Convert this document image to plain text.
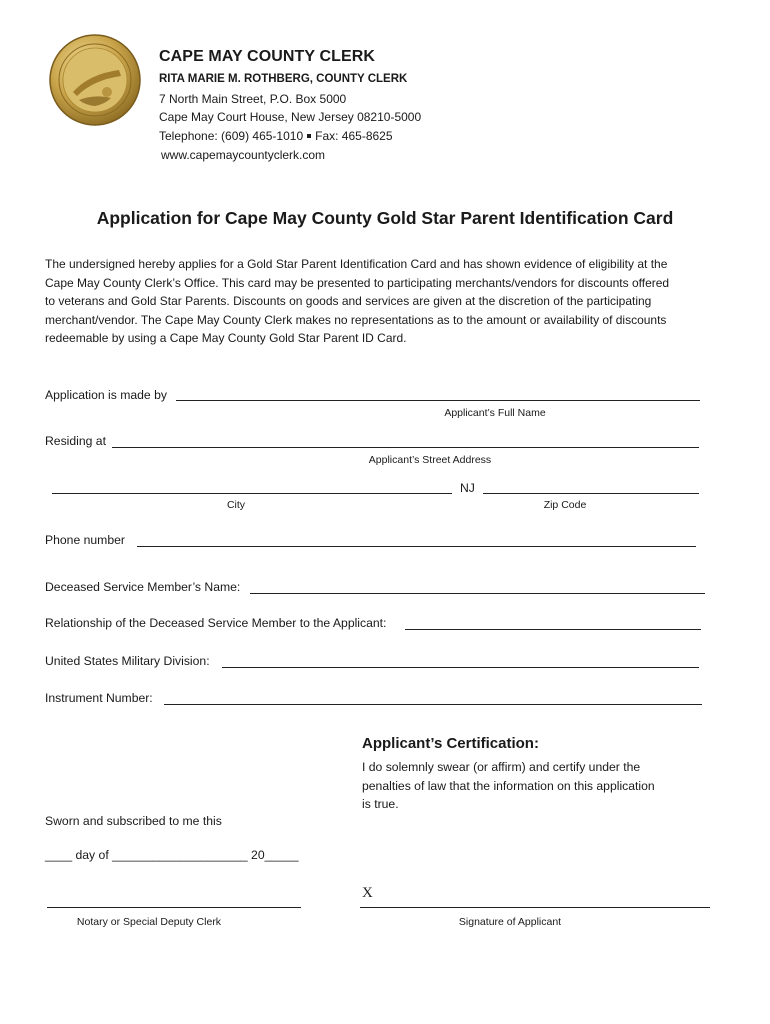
CAPE MAY COUNTY CLERK
RITA MARIE M. ROTHBERG, COUNTY CLERK
7 North Main Street, P.O. Box 5000
Cape May Court House, New Jersey 08210-5000
Telephone: (609) 465-1010 Fax: 465-8625
www.capemaycountyclerk.com
Application for Cape May County Gold Star Parent Identification Card

The undersigned hereby applies for a Gold Star Parent Identification Card and has shown evidence of eligibility at the

Cape May County Clerk’s Office. This card may be presented to participating merchants/vendors for discounts offered

to veterans and Gold Star Parents. Discounts on goods and services are given at the discretion of the participating

merchant/vendor. The Cape May County Clerk makes no representations as to the amount or availability of discounts

redeemable by using a Cape May County Gold Star Parent ID Card.

Application is made by
Applicant’s Full Name
Residing at
Applicant’s Street Address
NJ
City	Zip Code
Phone number
Deceased Service Member’s Name:
Relationship of the Deceased Service Member to the Applicant:
United States Military Division:
Instrument Number:
Applicant’s Certification:

I do solemnly swear (or affirm) and certify under the

penalties of law that the information on this application

is true.

Sworn and subscribed to me this
____ day of ____________________ 20_____
Notary or Special Deputy Clerk
X
Signature of Applicant
